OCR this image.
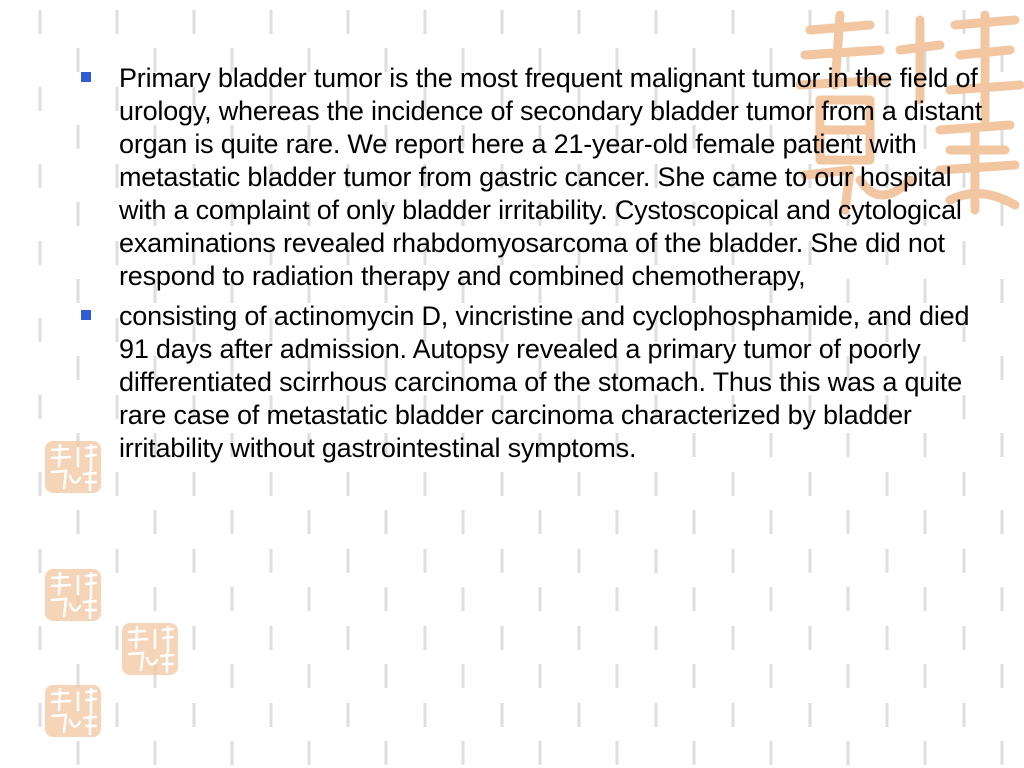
Primary bladder tumor is the most frequent malignant tumor in the field of urology, whereas the incidence of secondary bladder tumor from a distant organ is quite rare. We report here a 21-year-old female patient with metastatic bladder tumor from gastric cancer. She came to our hospital with a complaint of only bladder irritability. Cystoscopical and cytological examinations revealed rhabdomyosarcoma of the bladder. She did not respond to radiation therapy and combined chemotherapy,
consisting of actinomycin D, vincristine and cyclophosphamide, and died 91 days after admission. Autopsy revealed a primary tumor of poorly differentiated scirrhous carcinoma of the stomach. Thus this was a quite rare case of metastatic bladder carcinoma characterized by bladder irritability without gastrointestinal symptoms.
